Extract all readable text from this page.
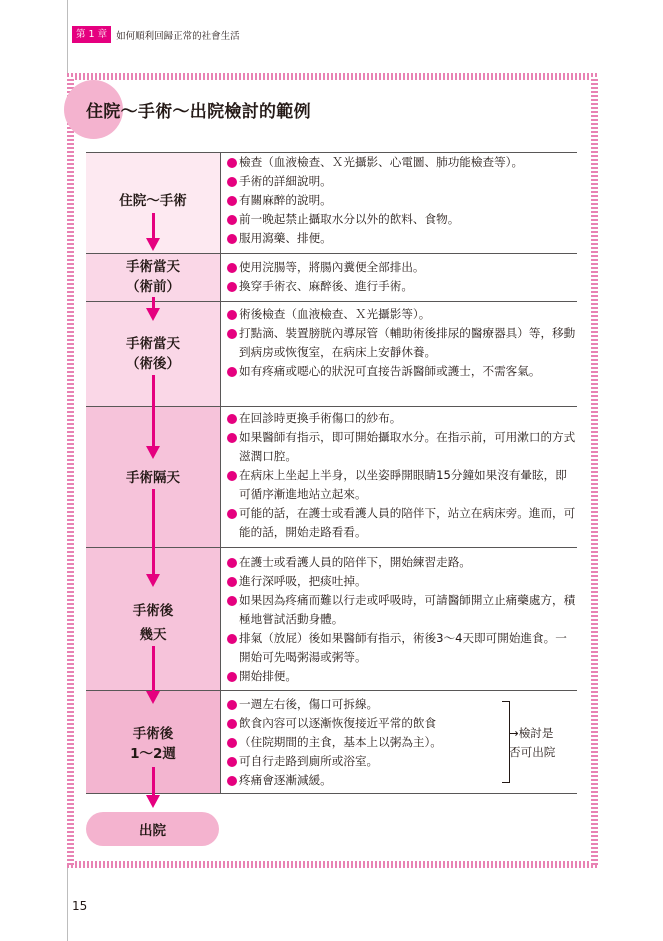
第 1 章 如何順利回歸正常的社會生活
住院～手術～出院檢討的範例
住院～手術
手術當天
（術前）
手術當天
（術後）
手術隔天
手術後
幾天
手術後
1～2週
檢查（血液檢查、Ｘ光攝影、心電圖、肺功能檢查等）。
手術的詳細說明。
有關麻醉的說明。
前一晚起禁止攝取水分以外的飲料、食物。
服用瀉藥、排便。
使用浣腸等，將腸內糞便全部排出。
換穿手術衣、麻醉後、進行手術。
術後檢查（血液檢查、Ｘ光攝影等）。
打點滴、裝置膀胱內導尿管（輔助術後排尿的醫療器具）等，移動到病房或恢復室，在病床上安靜休養。
如有疼痛或噁心的狀況可直接告訴醫師或護士，不需客氣。
在回診時更換手術傷口的紗布。
如果醫師有指示，即可開始攝取水分。在指示前，可用漱口的方式滋潤口腔。
在病床上坐起上半身，以坐姿睜開眼睛15分鐘如果沒有暈眩，即可循序漸進地站立起來。
可能的話，在護士或看護人員的陪伴下，站立在病床旁。進而，可能的話，開始走路看看。
在護士或看護人員的陪伴下，開始練習走路。
進行深呼吸，把痰吐掉。
如果因為疼痛而難以行走或呼吸時，可請醫師開立止痛藥處方，積極地嘗試活動身體。
排氣（放屁）後如果醫師有指示，術後3～4天即可開始進食。一開始可先喝粥湯或粥等。
開始排便。
一週左右後，傷口可拆線。
飲食內容可以逐漸恢復接近平常的飲食
（住院期間的主食，基本上以粥為主）。
可自行走路到廁所或浴室。
疼痛會逐漸減緩。
→檢討是
否可出院
出院
15
